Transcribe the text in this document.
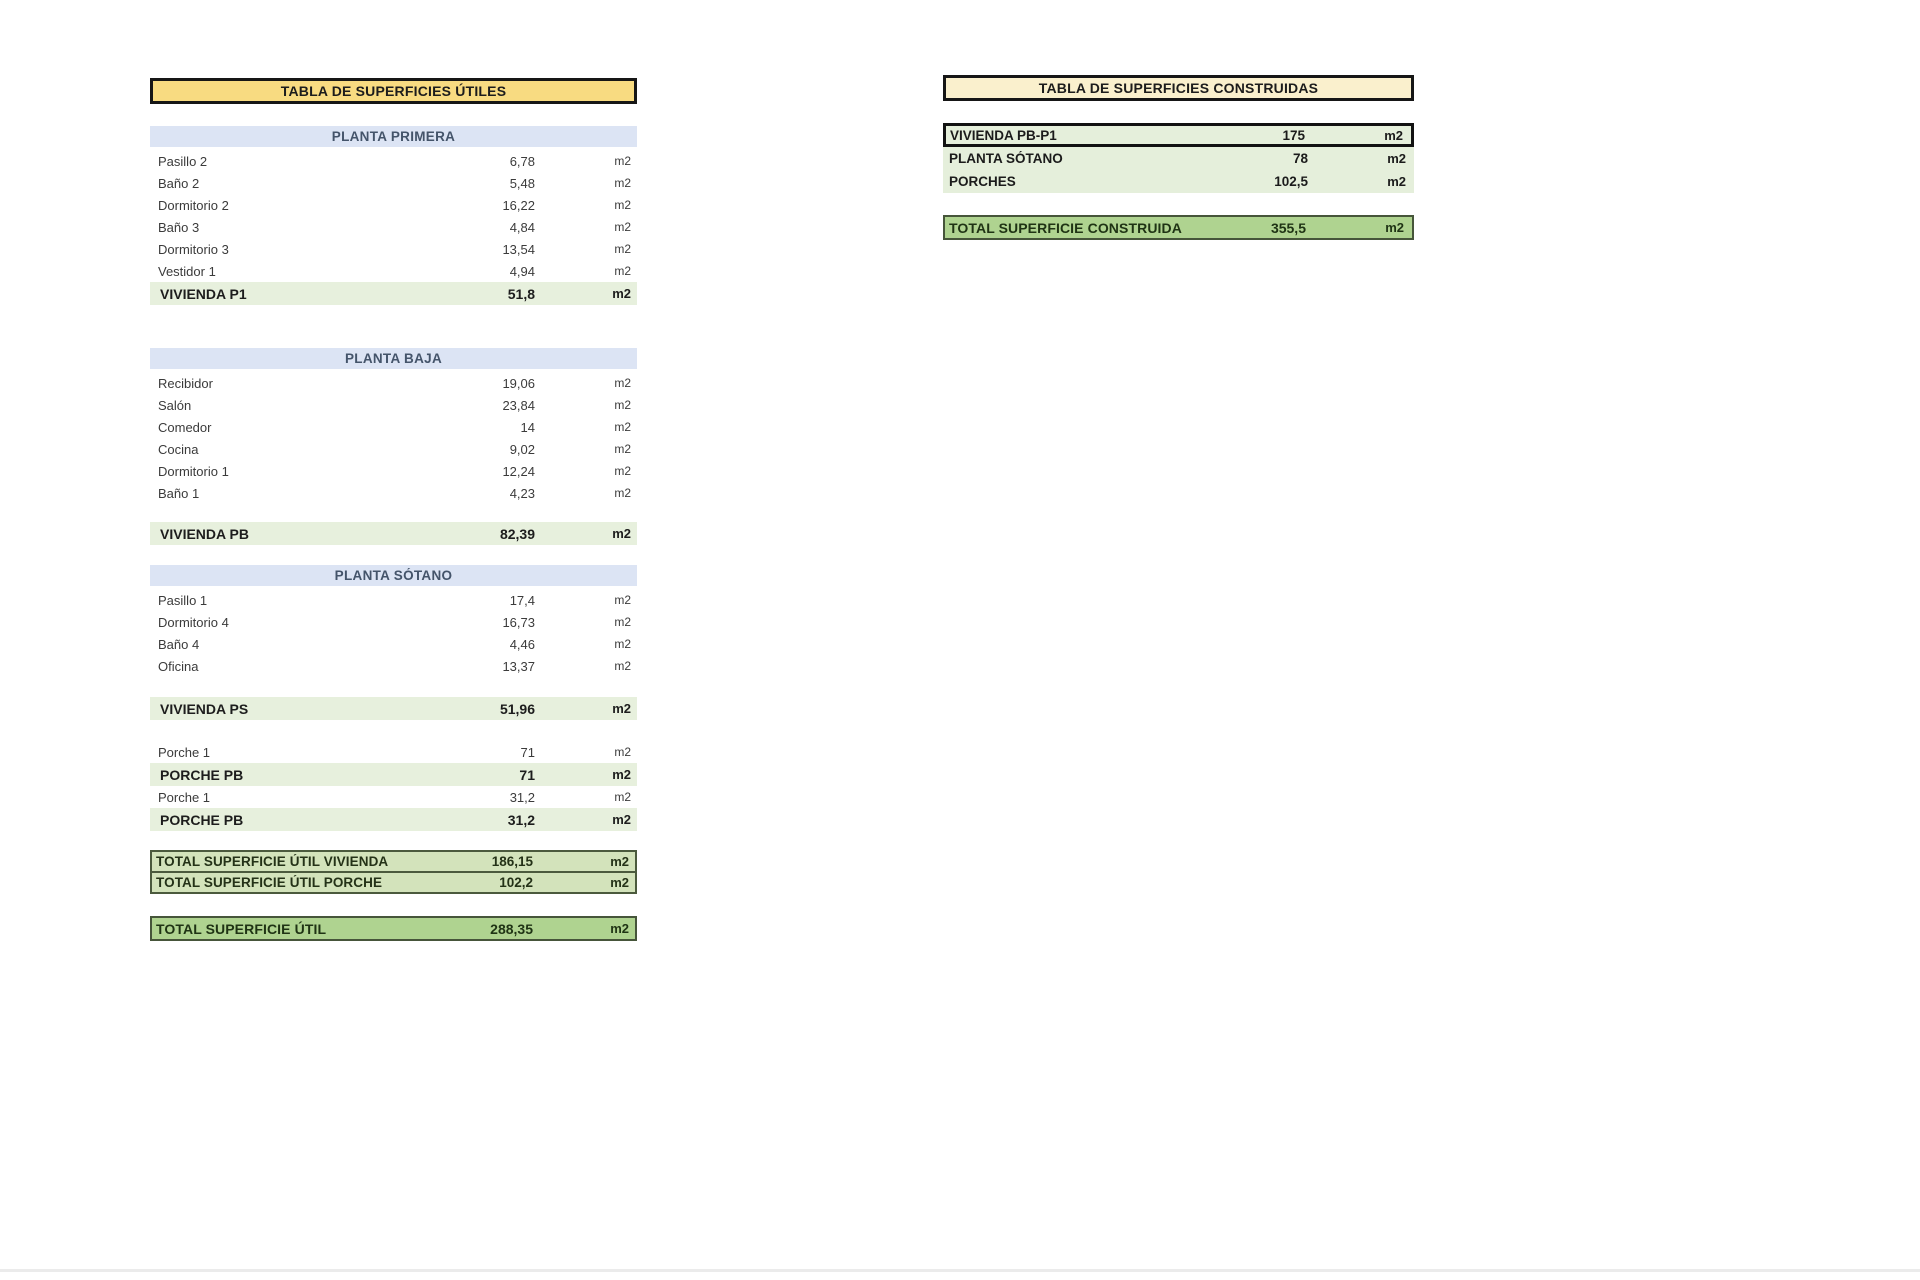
TABLA DE SUPERFICIES ÚTILES
PLANTA PRIMERA
Pasillo 2	6,78	m2
Baño 2	5,48	m2
Dormitorio 2	16,22	m2
Baño 3	4,84	m2
Dormitorio 3	13,54	m2
Vestidor 1	4,94	m2
VIVIENDA P1	51,8	m2
PLANTA BAJA
Recibidor	19,06	m2
Salón	23,84	m2
Comedor	14	m2
Cocina	9,02	m2
Dormitorio 1	12,24	m2
Baño 1	4,23	m2
VIVIENDA PB	82,39	m2
PLANTA SÓTANO
Pasillo 1	17,4	m2
Dormitorio 4	16,73	m2
Baño 4	4,46	m2
Oficina	13,37	m2
VIVIENDA PS	51,96	m2
Porche 1	71	m2
PORCHE PB	71	m2
Porche 1	31,2	m2
PORCHE PB	31,2	m2
TOTAL SUPERFICIE ÚTIL VIVIENDA	186,15	m2
TOTAL SUPERFICIE ÚTIL PORCHE	102,2	m2
TOTAL SUPERFICIE ÚTIL	288,35	m2
TABLA DE SUPERFICIES CONSTRUIDAS
VIVIENDA PB-P1	175	m2
PLANTA SÓTANO	78	m2
PORCHES	102,5	m2
TOTAL SUPERFICIE CONSTRUIDA	355,5	m2
